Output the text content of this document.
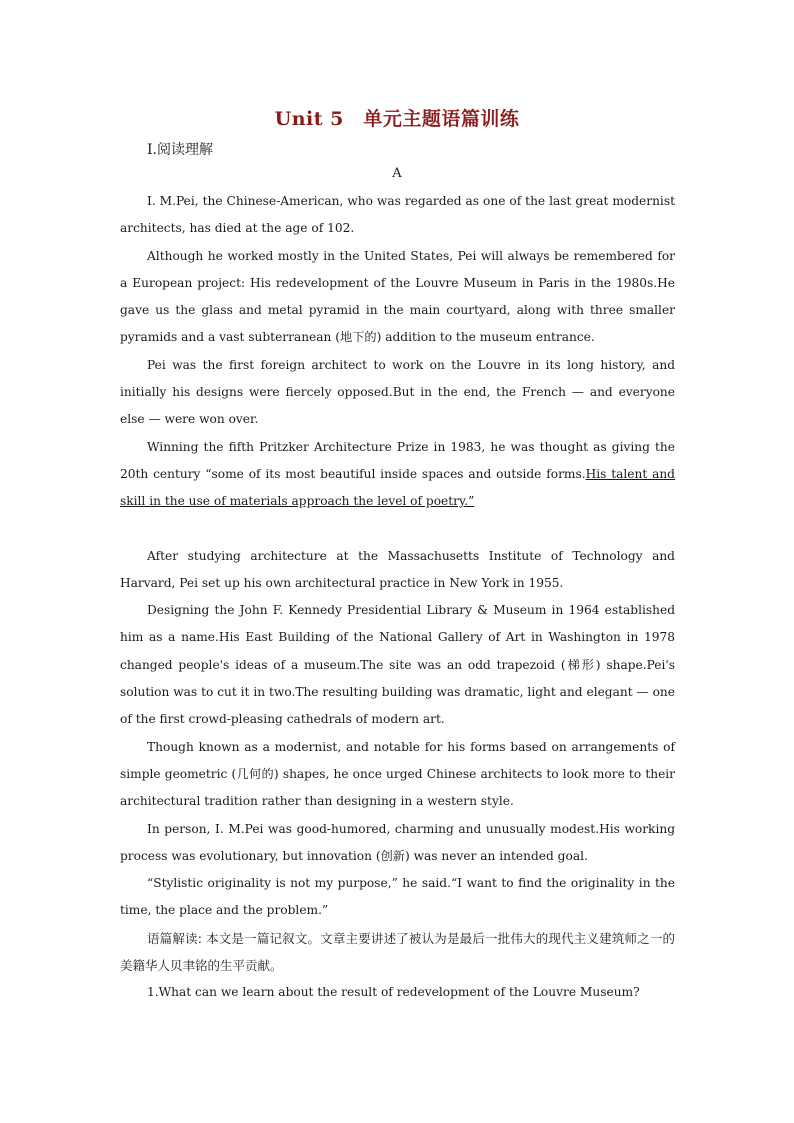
Unit 5　单元主题语篇训练
Ⅰ.阅读理解
A

I. M.Pei, the Chinese-American, who was regarded as one of the last great modernist architects, has died at the age of 102.

Although he worked mostly in the United States, Pei will always be remembered for a European project: His redevelopment of the Louvre Museum in Paris in the 1980s.He gave us the glass and metal pyramid in the main courtyard, along with three smaller pyramids and a vast subterranean (地下的) addition to the museum entrance.

Pei was the first foreign architect to work on the Louvre in its long history, and initially his designs were fiercely opposed.But in the end, the French — and everyone else — were won over.

Winning the fifth Pritzker Architecture Prize in 1983, he was thought as giving the 20th century “some of its most beautiful inside spaces and outside forms.His talent and skill in the use of materials approach the level of poetry.”

After studying architecture at the Massachusetts Institute of Technology and Harvard, Pei set up his own architectural practice in New York in 1955.

Designing the John F. Kennedy Presidential Library & Museum in 1964 established him as a name.His East Building of the National Gallery of Art in Washington in 1978 changed people's ideas of a museum.The site was an odd trapezoid (梯形) shape.Pei's solution was to cut it in two.The resulting building was dramatic, light and elegant — one of the first crowd-pleasing cathedrals of modern art.

Though known as a modernist, and notable for his forms based on arrangements of simple geometric (几何的) shapes, he once urged Chinese architects to look more to their architectural tradition rather than designing in a western style.

In person, I. M.Pei was good-humored, charming and unusually modest.His working process was evolutionary, but innovation (创新) was never an intended goal.

“Stylistic originality is not my purpose,” he said.“I want to find the originality in the time, the place and the problem.”

语篇解读: 本文是一篇记叙文。文章主要讲述了被认为是最后一批伟大的现代主义建筑师之一的美籍华人贝聿铭的生平贡献。

1.What can we learn about the result of redevelopment of the Louvre Museum?
